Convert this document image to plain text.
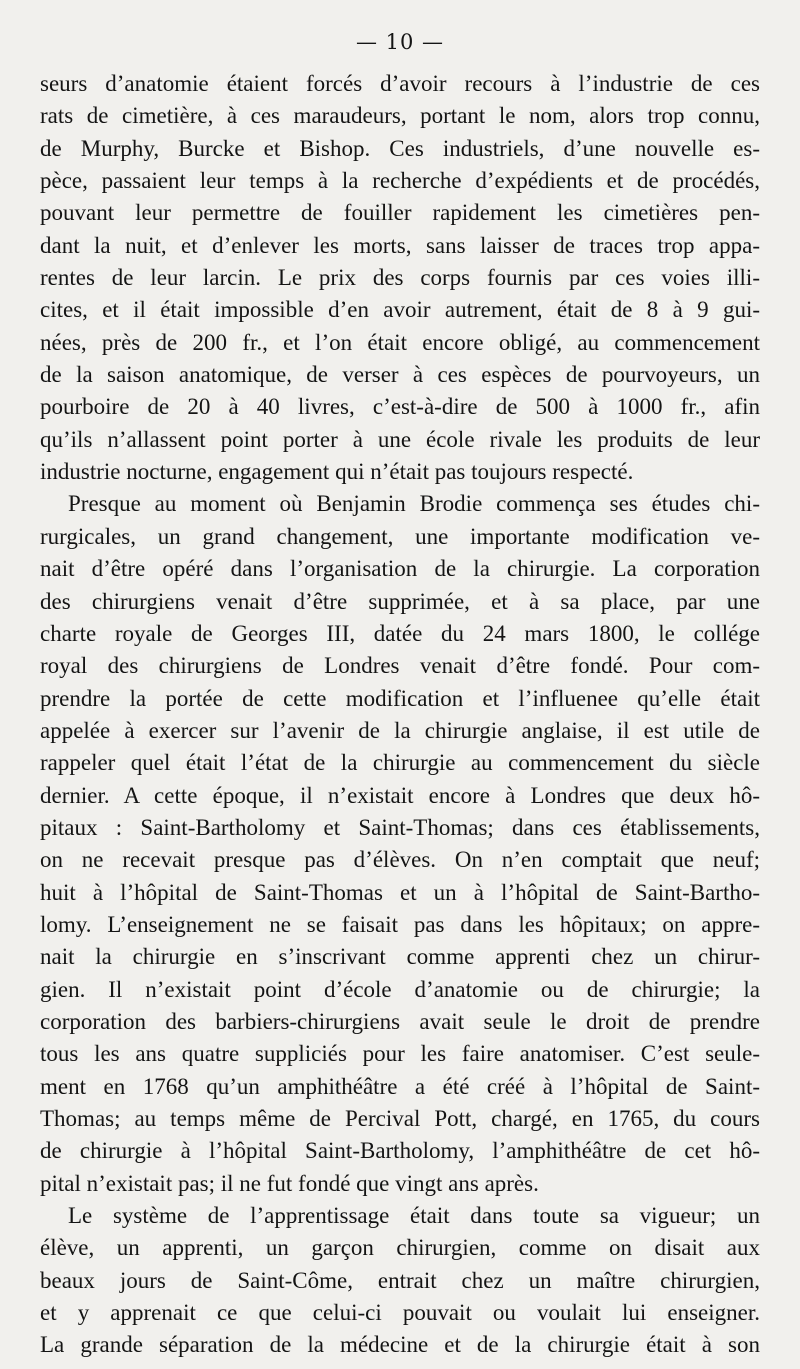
— 10 —
seurs d’anatomie étaient forcés d’avoir recours à l’industrie de ces
rats de cimetière, à ces maraudeurs, portant le nom, alors trop connu,
de Murphy, Burcke et Bishop. Ces industriels, d’une nouvelle es-
pèce, passaient leur temps à la recherche d’expédients et de procédés,
pouvant leur permettre de fouiller rapidement les cimetières pen-
dant la nuit, et d’enlever les morts, sans laisser de traces trop appa-
rentes de leur larcin. Le prix des corps fournis par ces voies illi-
cites, et il était impossible d’en avoir autrement, était de 8 à 9 gui-
nées, près de 200 fr., et l’on était encore obligé, au commencement
de la saison anatomique, de verser à ces espèces de pourvoyeurs, un
pourboire de 20 à 40 livres, c’est-à-dire de 500 à 1000 fr., afin
qu’ils n’allassent point porter à une école rivale les produits de leur
industrie nocturne, engagement qui n’était pas toujours respecté.
Presque au moment où Benjamin Brodie commença ses études chi-
rurgicales, un grand changement, une importante modification ve-
nait d’être opéré dans l’organisation de la chirurgie. La corporation
des chirurgiens venait d’être supprimée, et à sa place, par une
charte royale de Georges III, datée du 24 mars 1800, le collége
royal des chirurgiens de Londres venait d’être fondé. Pour com-
prendre la portée de cette modification et l’influenee qu’elle était
appelée à exercer sur l’avenir de la chirurgie anglaise, il est utile de
rappeler quel était l’état de la chirurgie au commencement du siècle
dernier. A cette époque, il n’existait encore à Londres que deux hô-
pitaux : Saint-Bartholomy et Saint-Thomas; dans ces établissements,
on ne recevait presque pas d’élèves. On n’en comptait que neuf;
huit à l’hôpital de Saint-Thomas et un à l’hôpital de Saint-Bartho-
lomy. L’enseignement ne se faisait pas dans les hôpitaux; on appre-
nait la chirurgie en s’inscrivant comme apprenti chez un chirur-
gien. Il n’existait point d’école d’anatomie ou de chirurgie; la
corporation des barbiers-chirurgiens avait seule le droit de prendre
tous les ans quatre suppliciés pour les faire anatomiser. C’est seule-
ment en 1768 qu’un amphithéâtre a été créé à l’hôpital de Saint-
Thomas; au temps même de Percival Pott, chargé, en 1765, du cours
de chirurgie à l’hôpital Saint-Bartholomy, l’amphithéâtre de cet hô-
pital n’existait pas; il ne fut fondé que vingt ans après.
Le système de l’apprentissage était dans toute sa vigueur; un
élève, un apprenti, un garçon chirurgien, comme on disait aux
beaux jours de Saint-Côme, entrait chez un maître chirurgien,
et y apprenait ce que celui-ci pouvait ou voulait lui enseigner.
La grande séparation de la médecine et de la chirurgie était à son
